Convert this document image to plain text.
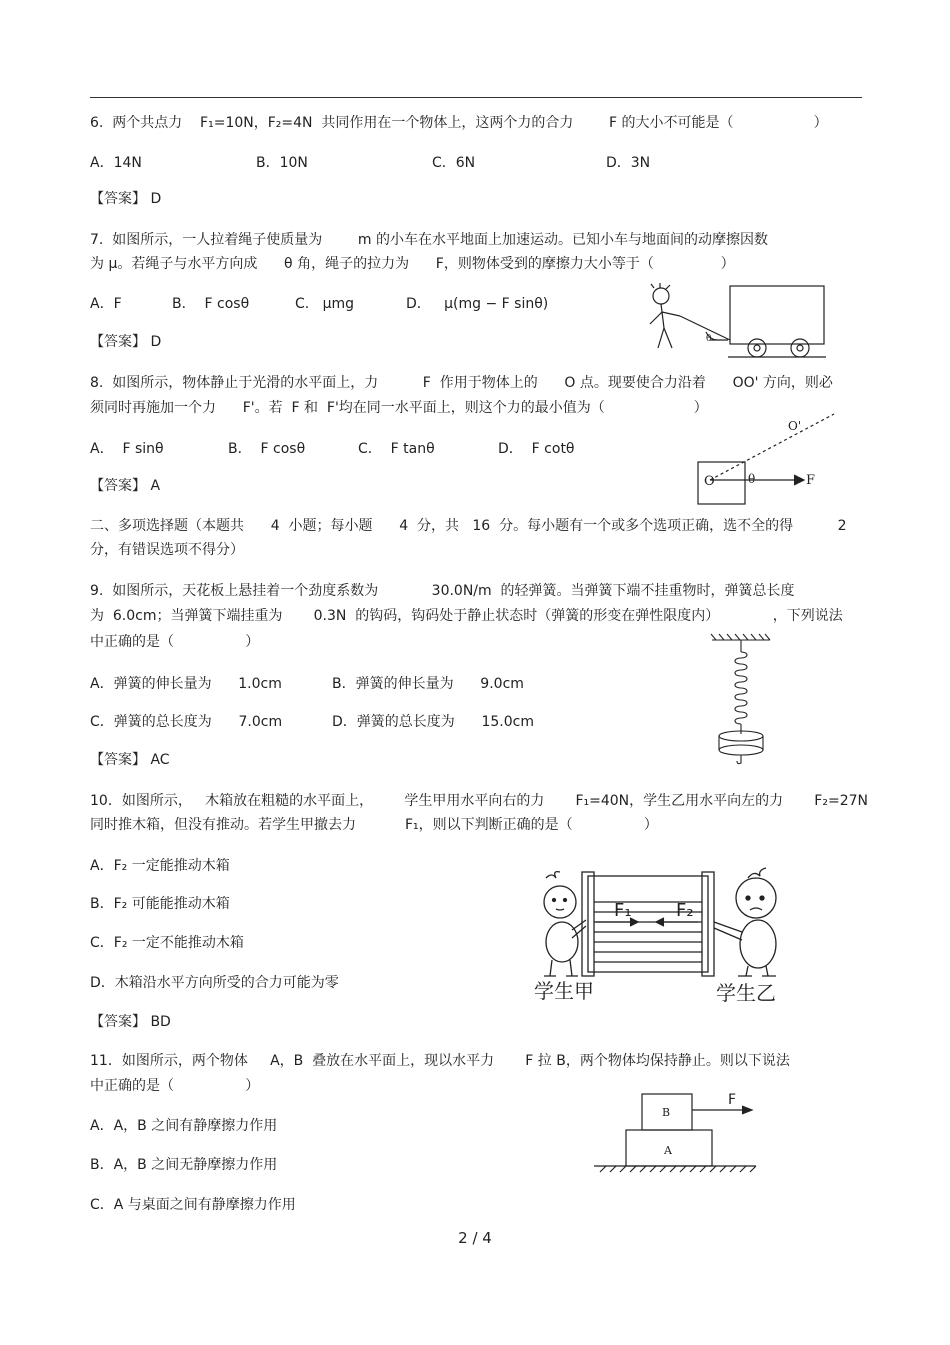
6.  两个共点力    F₁=10N，F₂=4N  共同作用在一个物体上，这两个力的合力        F 的大小不可能是（                  ）
A．14N	B．10N	C．6N	D．3N
【答案】 D
7.  如图所示，一人拉着绳子使质量为        m 的小车在水平地面上加速运动。已知小车与地面间的动摩擦因数
为 μ。若绳子与水平方向成      θ 角，绳子的拉力为      F，则物体受到的摩擦力大小等于（               ）
A．F	B．  F cosθ	C.   μmg	D．   μ(mg − F sinθ)
【答案】 D	θ
8.  如图所示，物体静止于光滑的水平面上，力          F  作用于物体上的      O 点。现要使合力沿着      OO' 方向，则必
须同时再施加一个力      F'。若  F 和  F'均在同一水平面上，则这个力的最小值为（                    ）
A．  F sinθ	B．  F cosθ	C．  F tanθ	D．  F cotθ
【答案】 A	O	θ	F
O'
二、多项选择题（本题共      4  小题；每小题      4  分，共   16  分。每小题有一个或多个选项正确，选不全的得          2
分，有错误选项不得分）
9.  如图所示，天花板上悬挂着一个劲度系数为            30.0N/m  的轻弹簧。当弹簧下端不挂重物时，弹簧总长度
为  6.0cm；当弹簧下端挂重为       0.3N  的钩码，钩码处于静止状态时（弹簧的形变在弹性限度内）            ，下列说法
中正确的是（                ）
A．弹簧的伸长量为      1.0cm	B．弹簧的伸长量为      9.0cm
C．弹簧的总长度为      7.0cm	D．弹簧的总长度为      15.0cm
【答案】 AC
10．如图所示，   木箱放在粗糙的水平面上，       学生甲用水平向右的力       F₁=40N，学生乙用水平向左的力       F₂=27N
同时推木箱，但没有推动。若学生甲撤去力           F₁，则以下判断正确的是（                ）
A．F₂ 一定能推动木箱
B．F₂ 可能能推动木箱
C．F₂ 一定不能推动木箱
D．木箱沿水平方向所受的合力可能为零
【答案】 BD
F₁ F₂
学生甲	学生乙
11．如图所示，两个物体     A，B  叠放在水平面上，现以水平力       F 拉 B，两个物体均保持静止。则以下说法
中正确的是（                ）
A．A，B 之间有静摩擦力作用
B．A，B 之间无静摩擦力作用
C．A 与桌面之间有静摩擦力作用
B
A
F
2 / 4
